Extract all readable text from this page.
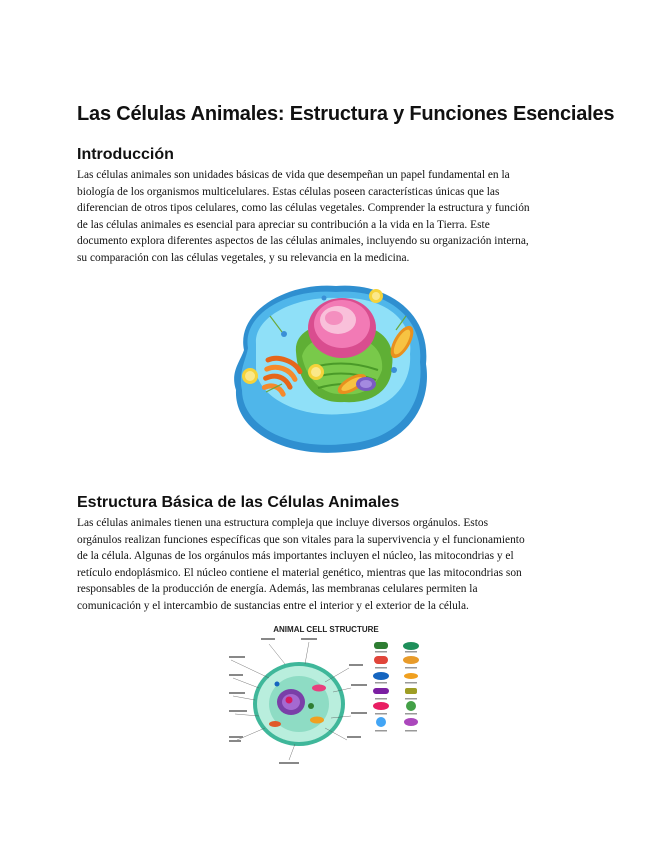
Las Células Animales: Estructura y Funciones Esenciales
Introducción

Las células animales son unidades básicas de vida que desempeñan un papel fundamental en la
biología de los organismos multicelulares. Estas células poseen características únicas que las
diferencian de otros tipos celulares, como las células vegetales. Comprender la estructura y función
de las células animales es esencial para apreciar su contribución a la vida en la Tierra. Este
documento explora diferentes aspectos de las células animales, incluyendo su organización interna,
su comparación con las células vegetales, y su relevancia en la medicina.

Estructura Básica de las Células Animales

Las células animales tienen una estructura compleja que incluye diversos orgánulos. Estos
orgánulos realizan funciones específicas que son vitales para la supervivencia y el funcionamiento
de la célula. Algunas de los orgánulos más importantes incluyen el núcleo, las mitocondrias y el
retículo endoplásmico. El núcleo contiene el material genético, mientras que las mitocondrias son
responsables de la producción de energía. Además, las membranas celulares permiten la
comunicación y el intercambio de sustancias entre el interior y el exterior de la célula.

ANIMAL CELL STRUCTURE
